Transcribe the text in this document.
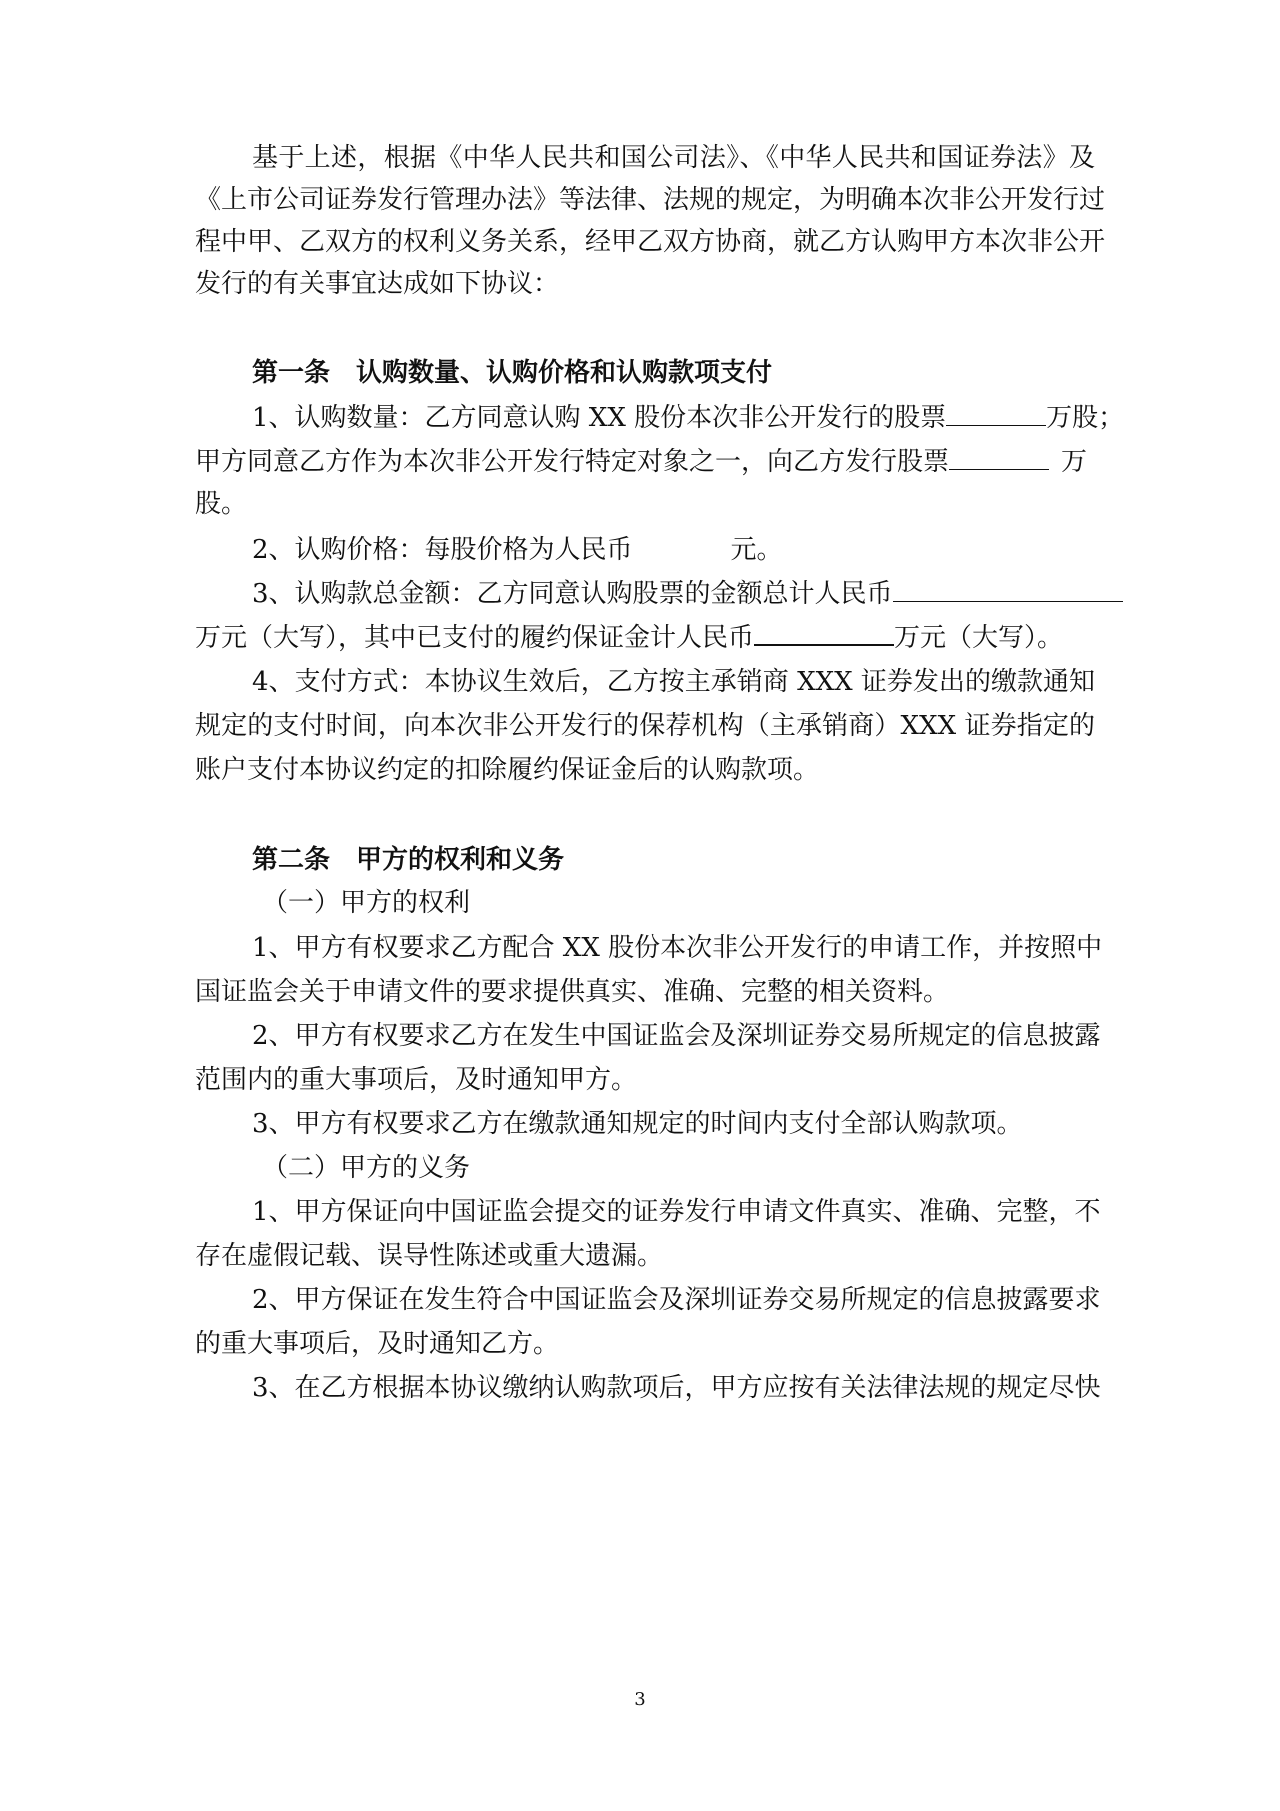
基于上述，根据《中华人民共和国公司法》、《中华人民共和国证券法》及

《上市公司证券发行管理办法》等法律、法规的规定，为明确本次非公开发行过

程中甲、乙双方的权利义务关系，经甲乙双方协商，就乙方认购甲方本次非公开

发行的有关事宜达成如下协议：

第一条　认购数量、认购价格和认购款项支付

1、认购数量：乙方同意认购 XX 股份本次非公开发行的股票	万股；

甲方同意乙方作为本次非公开发行特定对象之一，向乙方发行股票	万

股。

2、认购价格：每股价格为人民币	元。

3、认购款总金额：乙方同意认购股票的金额总计人民币

万元（大写），其中已支付的履约保证金计人民币	万元（大写）。

4、支付方式：本协议生效后，乙方按主承销商 XXX 证券发出的缴款通知

规定的支付时间，向本次非公开发行的保荐机构（主承销商）XXX 证券指定的

账户支付本协议约定的扣除履约保证金后的认购款项。

第二条　甲方的权利和义务

（一）甲方的权利

1、甲方有权要求乙方配合 XX 股份本次非公开发行的申请工作，并按照中

国证监会关于申请文件的要求提供真实、准确、完整的相关资料。

2、甲方有权要求乙方在发生中国证监会及深圳证券交易所规定的信息披露

范围内的重大事项后，及时通知甲方。

3、甲方有权要求乙方在缴款通知规定的时间内支付全部认购款项。

（二）甲方的义务

1、甲方保证向中国证监会提交的证券发行申请文件真实、准确、完整，不

存在虚假记载、误导性陈述或重大遗漏。

2、甲方保证在发生符合中国证监会及深圳证券交易所规定的信息披露要求

的重大事项后，及时通知乙方。

3、在乙方根据本协议缴纳认购款项后，甲方应按有关法律法规的规定尽快

3
